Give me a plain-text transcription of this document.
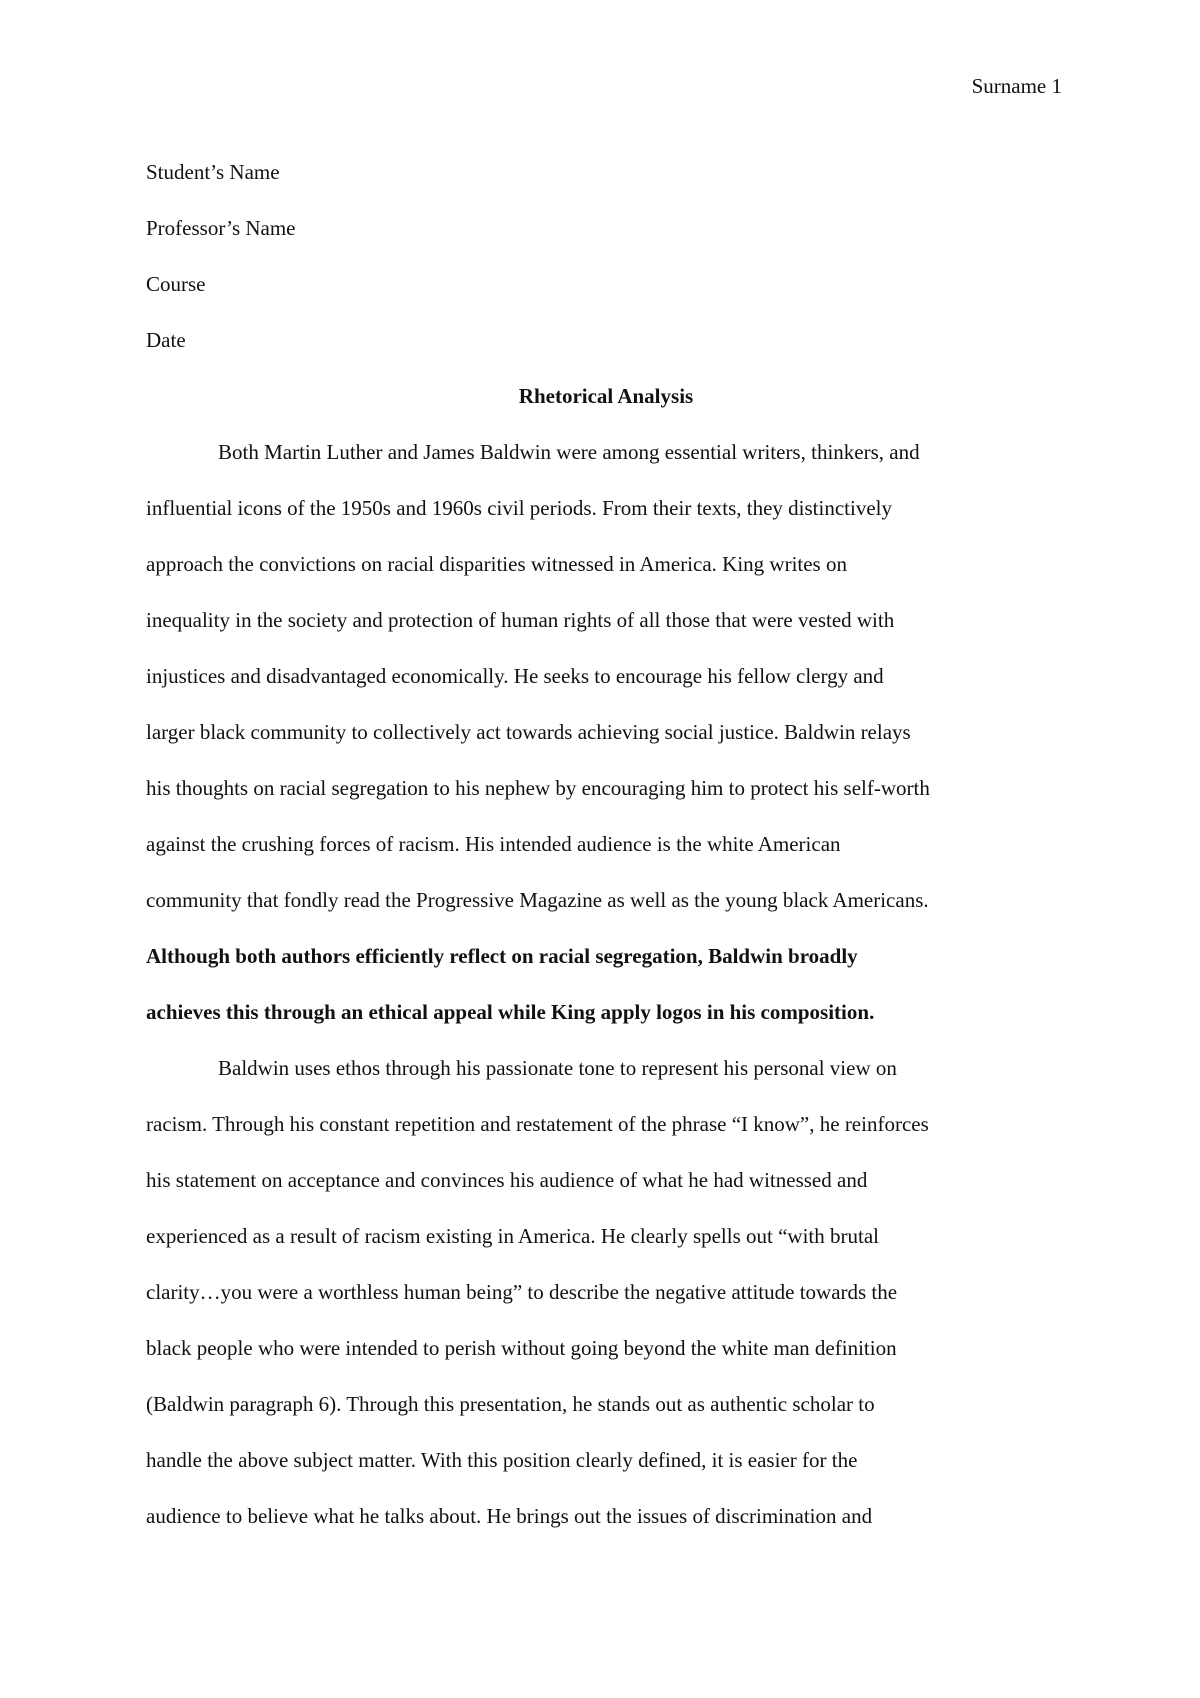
Surname 1

Student’s Name

Professor’s Name

Course

Date

Rhetorical Analysis

Both Martin Luther and James Baldwin were among essential writers, thinkers, and

influential icons of the 1950s and 1960s civil periods. From their texts, they distinctively

approach the convictions on racial disparities witnessed in America. King writes on

inequality in the society and protection of human rights of all those that were vested with

injustices and disadvantaged economically. He seeks to encourage his fellow clergy and

larger black community to collectively act towards achieving social justice. Baldwin relays

his thoughts on racial segregation to his nephew by encouraging him to protect his self-worth

against the crushing forces of racism. His intended audience is the white American

community that fondly read the Progressive Magazine as well as the young black Americans.

Although both authors efficiently reflect on racial segregation, Baldwin broadly

achieves this through an ethical appeal while King apply logos in his composition.

Baldwin uses ethos through his passionate tone to represent his personal view on

racism. Through his constant repetition and restatement of the phrase “I know”, he reinforces

his statement on acceptance and convinces his audience of what he had witnessed and

experienced as a result of racism existing in America. He clearly spells out “with brutal

clarity…you were a worthless human being” to describe the negative attitude towards the

black people who were intended to perish without going beyond the white man definition

(Baldwin paragraph 6). Through this presentation, he stands out as authentic scholar to

handle the above subject matter. With this position clearly defined, it is easier for the

audience to believe what he talks about. He brings out the issues of discrimination and
